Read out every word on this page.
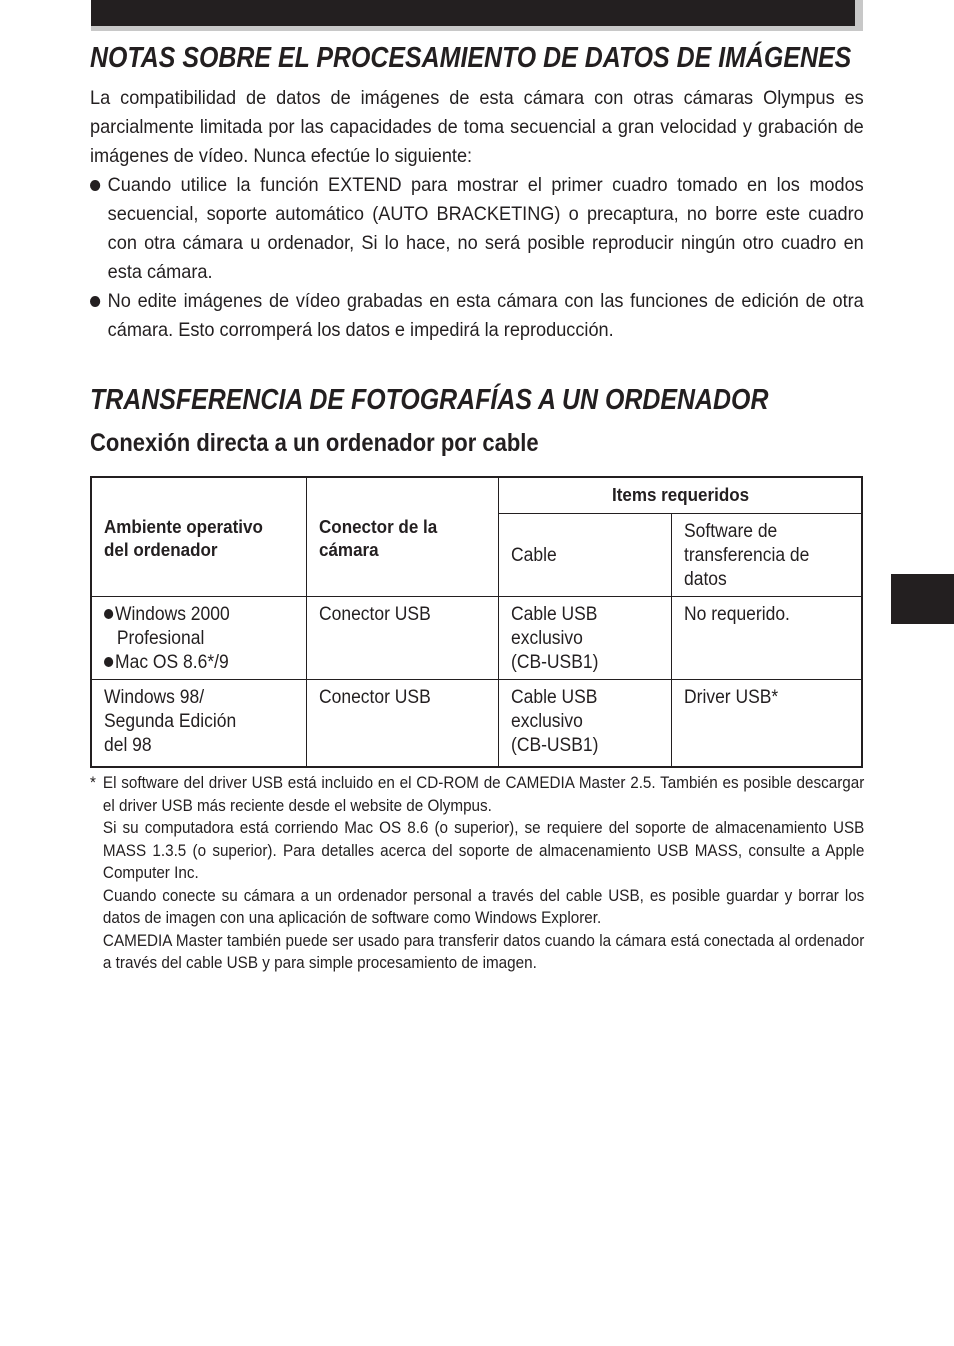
NOTAS SOBRE EL PROCESAMIENTO DE DATOS DE IMÁGENES
La compatibilidad de datos de imágenes de esta cámara con otras cámaras Olympus es parcialmente limitada por las capacidades de toma secuencial a gran velocidad y grabación de imágenes de vídeo. Nunca efectúe lo siguiente:
Cuando utilice la función EXTEND para mostrar el primer cuadro tomado en los modos secuencial, soporte automático (AUTO BRACKETING) o precaptura, no borre este cuadro con otra cámara u ordenador, Si lo hace, no será posible reproducir ningún otro cuadro en esta cámara.
No edite imágenes de vídeo grabadas en esta cámara con las funciones de edición de otra cámara. Esto corromperá los datos e impedirá la reproducción.
TRANSFERENCIA DE FOTOGRAFÍAS A UN ORDENADOR
Conexión directa a un ordenador por cable
Ambiente operativo del ordenador	Conector de la cámara	Items requeridos	
		Cable	Software de transferencia de datos
Windows 2000
Profesional
Mac OS 8.6*/9	Conector USB	Cable USB
exclusivo
(CB-USB1)	No requerido.
Windows 98/
Segunda Edición
del 98	Conector USB	Cable USB
exclusivo
(CB-USB1)	Driver USB*
* El software del driver USB está incluido en el CD-ROM de CAMEDIA Master 2.5. También es posible descargar el driver USB más reciente desde el website de Olympus.

Si su computadora está corriendo Mac OS 8.6 (o superior), se requiere del soporte de almacenamiento USB MASS 1.3.5 (o superior). Para detalles acerca del soporte de almacenamiento USB MASS, consulte a Apple Computer Inc.

Cuando conecte su cámara a un ordenador personal a través del cable USB, es posible guardar y borrar los datos de imagen con una aplicación de software como Windows Explorer.

CAMEDIA Master también puede ser usado para transferir datos cuando la cámara está conectada al ordenador a través del cable USB y para simple procesamiento de imagen.
